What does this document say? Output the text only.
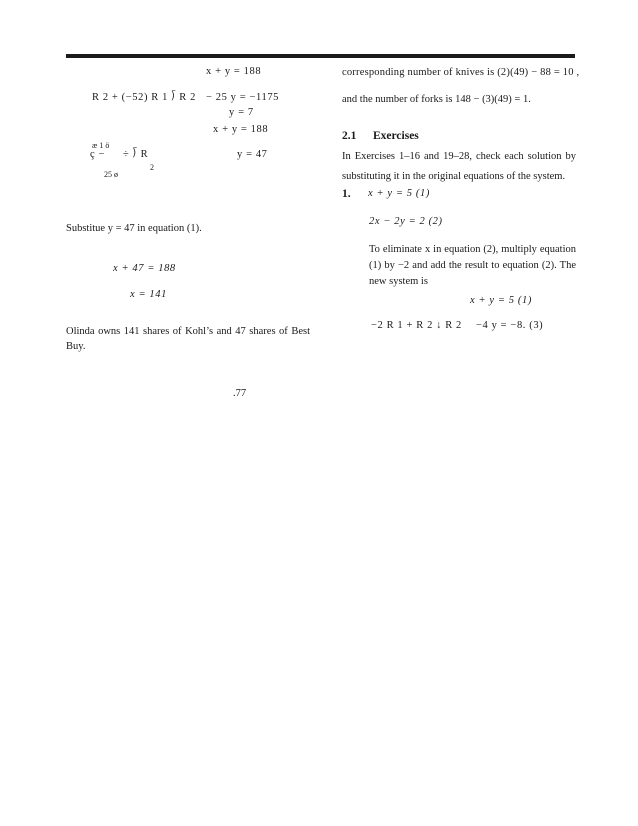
x + y = 188
R 2 + (−52) R 1 ⟌ R 2 − 25 y = −1175
y = 7
x + y = 188
æ 1 ö
ç − ÷ ⟌ R
25 ø
2
y = 47
Substitue y = 47 in equation (1).
x + 47 = 188
x = 141
Olinda owns 141 shares of Kohl’s and 47 shares of Best Buy.
corresponding number of knives is (2)(49) − 88 = 10 ,
and the number of forks is 148 − (3)(49) = 1.
2.1 Exercises
In Exercises 1–16 and 19–28, check each solution by substituting it in the original equations of the system.
1. x + y = 5 (1)
2x − 2y = 2 (2)
To eliminate x in equation (2), multiply equation (1) by −2 and add the result to equation (2). The new system is
x + y = 5 (1)
−2 R 1 + R 2 ↓ R 2 −4 y = −8. (3)
.77
